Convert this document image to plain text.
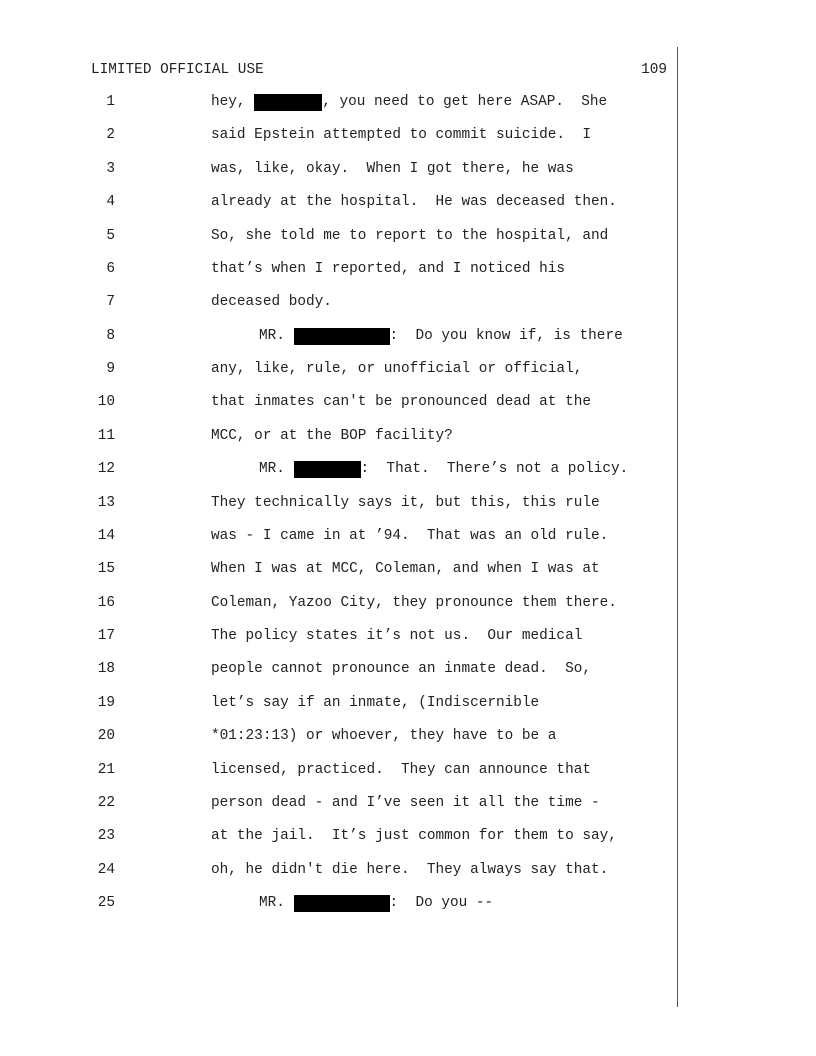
LIMITED OFFICIAL USE	109
1	hey,	, you need to get here ASAP.  She
2	said Epstein attempted to commit suicide.  I
3	was, like, okay.  When I got there, he was
4	already at the hospital.  He was deceased then.
5	So, she told me to report to the hospital, and
6	that’s when I reported, and I noticed his
7	deceased body.
8	MR.	:  Do you know if, is there
9	any, like, rule, or unofficial or official,
10	that inmates can't be pronounced dead at the
11	MCC, or at the BOP facility?
12	MR.	:  That.  There’s not a policy.
13	They technically says it, but this, this rule
14	was - I came in at ’94.  That was an old rule.
15	When I was at MCC, Coleman, and when I was at
16	Coleman, Yazoo City, they pronounce them there.
17	The policy states it’s not us.  Our medical
18	people cannot pronounce an inmate dead.  So,
19	let’s say if an inmate, (Indiscernible
20	*01:23:13) or whoever, they have to be a
21	licensed, practiced.  They can announce that
22	person dead - and I’ve seen it all the time -
23	at the jail.  It’s just common for them to say,
24	oh, he didn't die here.  They always say that.
25	MR.	:  Do you --
